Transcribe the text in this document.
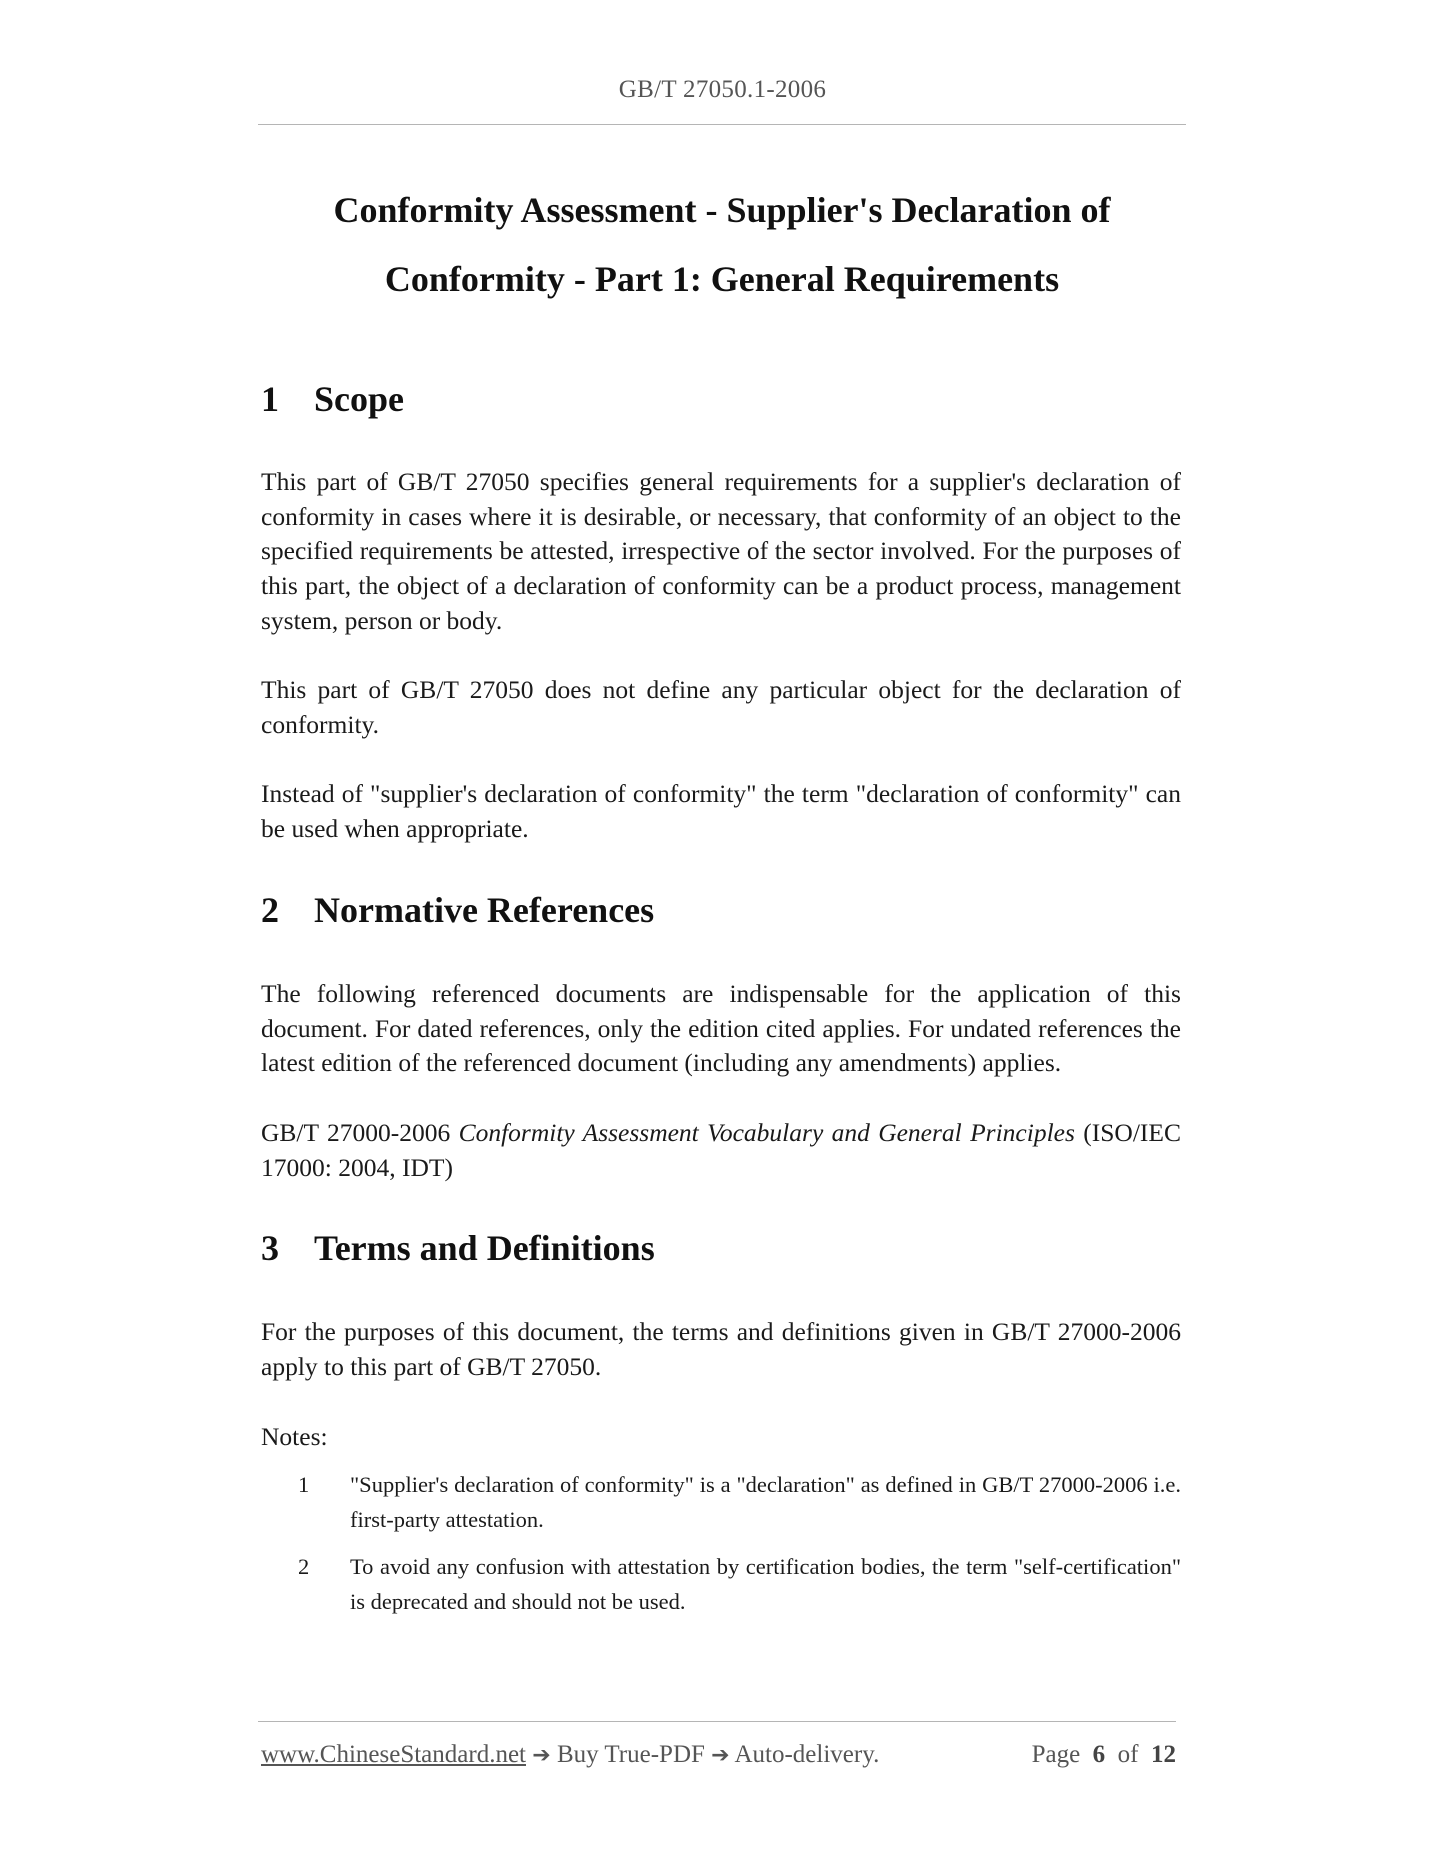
GB/T 27050.1-2006
Conformity Assessment - Supplier's Declaration of
Conformity - Part 1: General Requirements
1 Scope

This part of GB/T 27050 specifies general requirements for a supplier's declaration of conformity in cases where it is desirable, or necessary, that conformity of an object to the specified requirements be attested, irrespective of the sector involved. For the purposes of this part, the object of a declaration of conformity can be a product process, management system, person or body.

This part of GB/T 27050 does not define any particular object for the declaration of conformity.

Instead of "supplier's declaration of conformity" the term "declaration of conformity" can be used when appropriate.

2 Normative References

The following referenced documents are indispensable for the application of this document. For dated references, only the edition cited applies. For undated references the latest edition of the referenced document (including any amendments) applies.

GB/T 27000-2006 Conformity Assessment Vocabulary and General Principles (ISO/IEC 17000: 2004, IDT)

3 Terms and Definitions

For the purposes of this document, the terms and definitions given in GB/T 27000-2006 apply to this part of GB/T 27050.

Notes:

1	"Supplier's declaration of conformity" is a "declaration" as defined in GB/T 27000-2006 i.e. first-party attestation.
2	To avoid any confusion with attestation by certification bodies, the term "self-certification" is deprecated and should not be used.
www.ChineseStandard.net ➔ Buy True-PDF ➔ Auto-delivery.	Page 6 of 12
